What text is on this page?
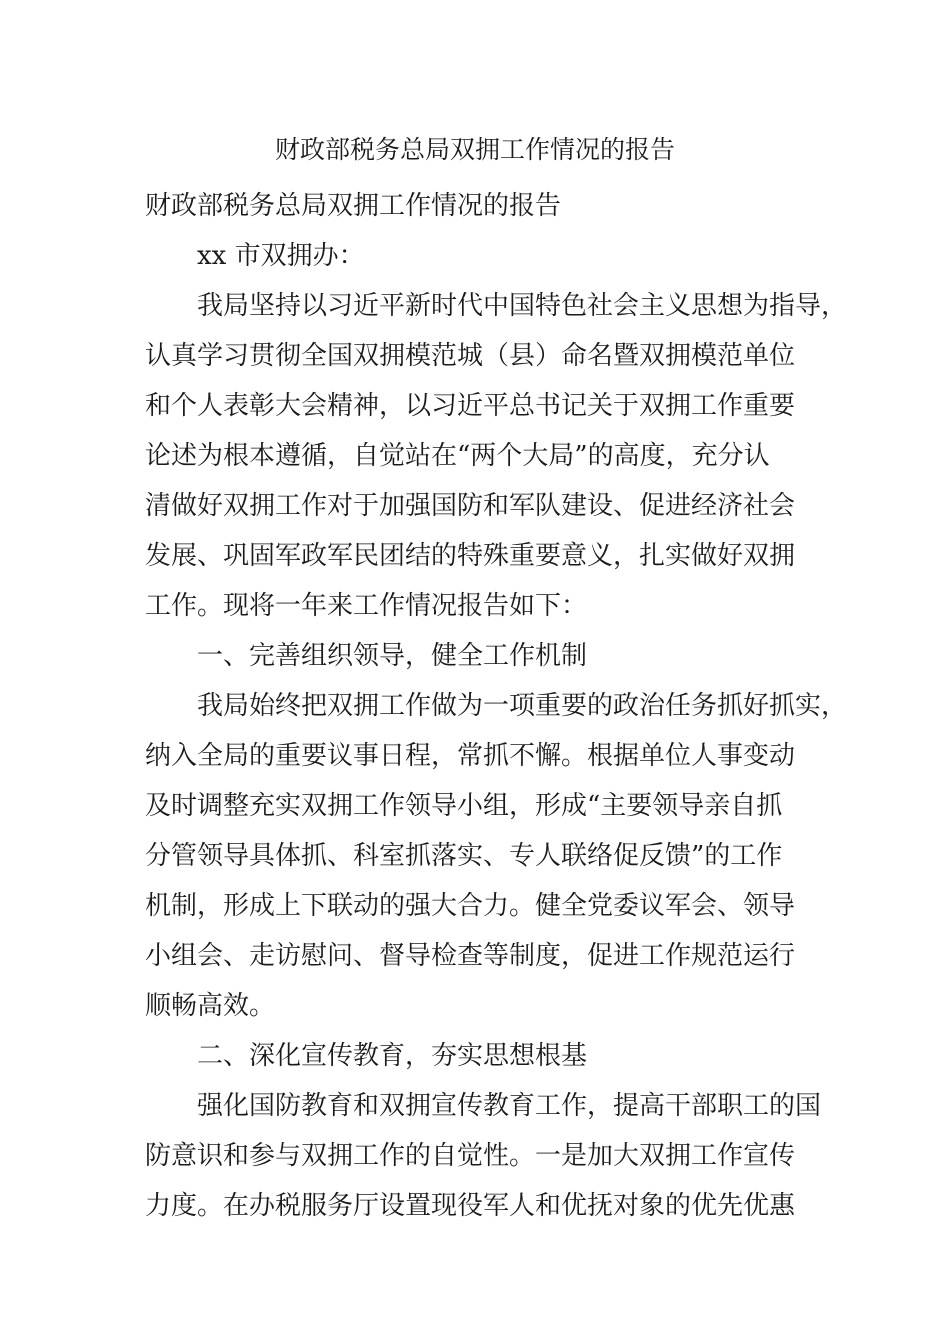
财政部税务总局双拥工作情况的报告
财政部税务总局双拥工作情况的报告
　　xx 市双拥办：
　　我局坚持以习近平新时代中国特色社会主义思想为指导，
认真学习贯彻全国双拥模范城（县）命名暨双拥模范单位
和个人表彰大会精神，以习近平总书记关于双拥工作重要
论述为根本遵循，自觉站在“两个大局”的高度，充分认
清做好双拥工作对于加强国防和军队建设、促进经济社会
发展、巩固军政军民团结的特殊重要意义，扎实做好双拥
工作。现将一年来工作情况报告如下：
　　一、完善组织领导，健全工作机制
　　我局始终把双拥工作做为一项重要的政治任务抓好抓实，
纳入全局的重要议事日程，常抓不懈。根据单位人事变动
及时调整充实双拥工作领导小组，形成“主要领导亲自抓
分管领导具体抓、科室抓落实、专人联络促反馈”的工作
机制，形成上下联动的强大合力。健全党委议军会、领导
小组会、走访慰问、督导检查等制度，促进工作规范运行
顺畅高效。
　　二、深化宣传教育，夯实思想根基
　　强化国防教育和双拥宣传教育工作，提高干部职工的国
防意识和参与双拥工作的自觉性。一是加大双拥工作宣传
力度。在办税服务厅设置现役军人和优抚对象的优先优惠
